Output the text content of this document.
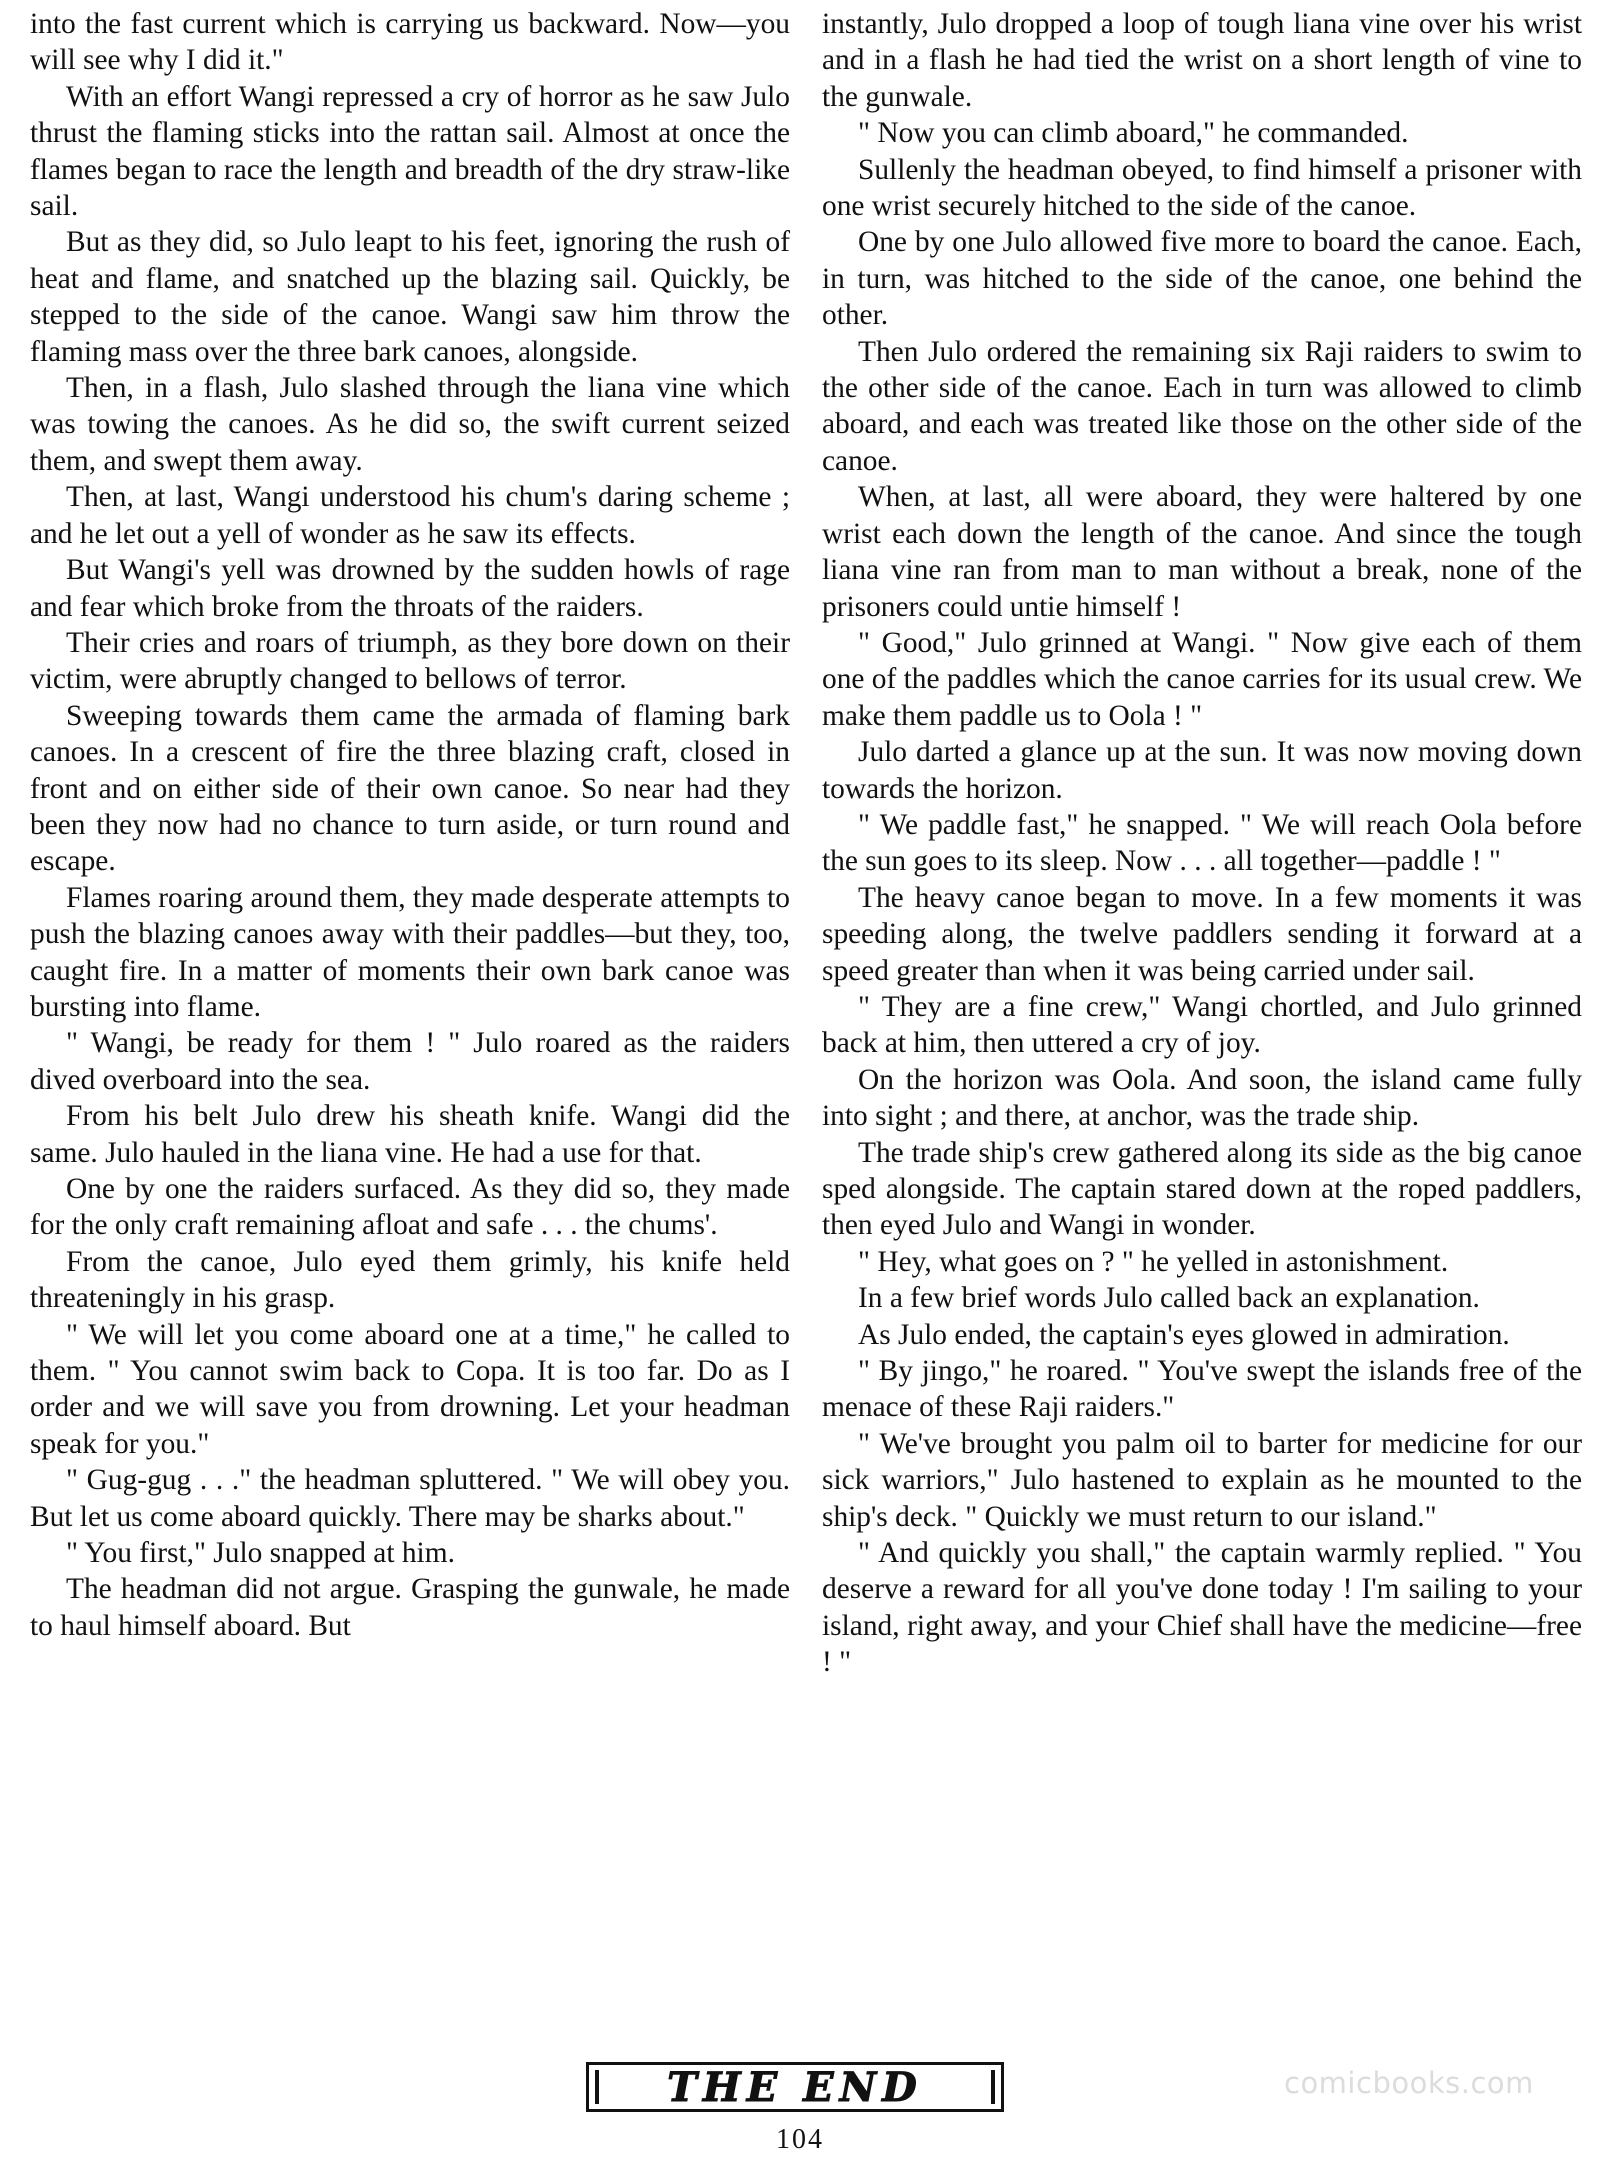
into the fast current which is carrying us backward. Now—you will see why I did it."

With an effort Wangi repressed a cry of horror as he saw Julo thrust the flaming sticks into the rattan sail. Almost at once the flames began to race the length and breadth of the dry straw-like sail.

But as they did, so Julo leapt to his feet, ignoring the rush of heat and flame, and snatched up the blazing sail. Quickly, be stepped to the side of the canoe. Wangi saw him throw the flaming mass over the three bark canoes, alongside.

Then, in a flash, Julo slashed through the liana vine which was towing the canoes. As he did so, the swift current seized them, and swept them away.

Then, at last, Wangi understood his chum's daring scheme ; and he let out a yell of wonder as he saw its effects.

But Wangi's yell was drowned by the sudden howls of rage and fear which broke from the throats of the raiders.

Their cries and roars of triumph, as they bore down on their victim, were abruptly changed to bellows of terror.

Sweeping towards them came the armada of flaming bark canoes. In a crescent of fire the three blazing craft, closed in front and on either side of their own canoe. So near had they been they now had no chance to turn aside, or turn round and escape.

Flames roaring around them, they made desperate attempts to push the blazing canoes away with their paddles—but they, too, caught fire. In a matter of moments their own bark canoe was bursting into flame.

" Wangi, be ready for them ! " Julo roared as the raiders dived overboard into the sea.

From his belt Julo drew his sheath knife. Wangi did the same. Julo hauled in the liana vine. He had a use for that.

One by one the raiders surfaced. As they did so, they made for the only craft remaining afloat and safe . . . the chums'.

From the canoe, Julo eyed them grimly, his knife held threateningly in his grasp.

" We will let you come aboard one at a time," he called to them. " You cannot swim back to Copa. It is too far. Do as I order and we will save you from drowning. Let your headman speak for you."

" Gug-gug . . ." the headman spluttered. " We will obey you. But let us come aboard quickly. There may be sharks about."

" You first," Julo snapped at him.

The headman did not argue. Grasping the gunwale, he made to haul himself aboard. But

instantly, Julo dropped a loop of tough liana vine over his wrist and in a flash he had tied the wrist on a short length of vine to the gunwale.

" Now you can climb aboard," he commanded.

Sullenly the headman obeyed, to find himself a prisoner with one wrist securely hitched to the side of the canoe.

One by one Julo allowed five more to board the canoe. Each, in turn, was hitched to the side of the canoe, one behind the other.

Then Julo ordered the remaining six Raji raiders to swim to the other side of the canoe. Each in turn was allowed to climb aboard, and each was treated like those on the other side of the canoe.

When, at last, all were aboard, they were haltered by one wrist each down the length of the canoe. And since the tough liana vine ran from man to man without a break, none of the prisoners could untie himself !

" Good," Julo grinned at Wangi. " Now give each of them one of the paddles which the canoe carries for its usual crew. We make them paddle us to Oola ! "

Julo darted a glance up at the sun. It was now moving down towards the horizon.

" We paddle fast," he snapped. " We will reach Oola before the sun goes to its sleep. Now . . . all together—paddle ! "

The heavy canoe began to move. In a few moments it was speeding along, the twelve paddlers sending it forward at a speed greater than when it was being carried under sail.

" They are a fine crew," Wangi chortled, and Julo grinned back at him, then uttered a cry of joy.

On the horizon was Oola. And soon, the island came fully into sight ; and there, at anchor, was the trade ship.

The trade ship's crew gathered along its side as the big canoe sped alongside. The captain stared down at the roped paddlers, then eyed Julo and Wangi in wonder.

" Hey, what goes on ? " he yelled in astonishment.

In a few brief words Julo called back an explanation.

As Julo ended, the captain's eyes glowed in admiration.

" By jingo," he roared. " You've swept the islands free of the menace of these Raji raiders."

" We've brought you palm oil to barter for medicine for our sick warriors," Julo hastened to explain as he mounted to the ship's deck. " Quickly we must return to our island."

" And quickly you shall," the captain warmly replied. " You deserve a reward for all you've done today ! I'm sailing to your island, right away, and your Chief shall have the medicine—free ! "

THE END
104
comicbooks.com
